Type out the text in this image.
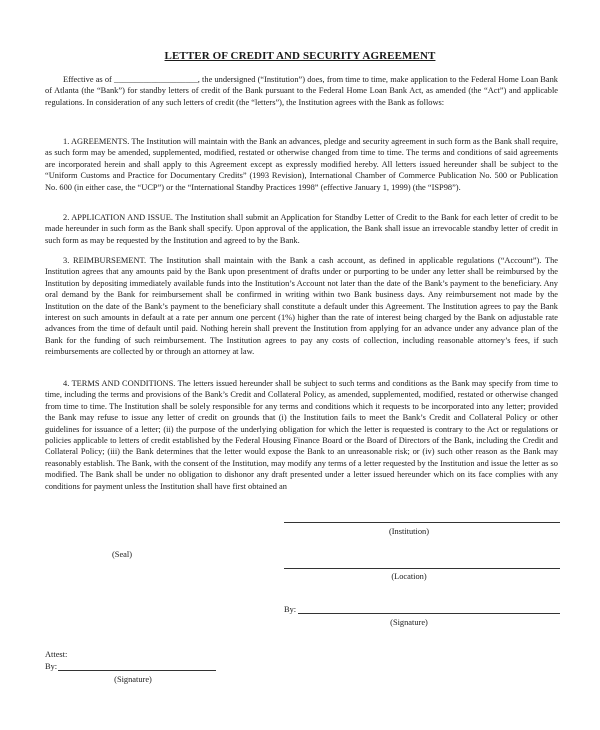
LETTER OF CREDIT AND SECURITY AGREEMENT

Effective as of ____________________, the undersigned (“Institution”) does, from time to time, make application to the Federal Home Loan Bank of Atlanta (the “Bank”) for standby letters of credit of the Bank pursuant to the Federal Home Loan Bank Act, as amended (the “Act”) and applicable regulations. In consideration of any such letters of credit (the “letters”), the Institution agrees with the Bank as follows:

1. AGREEMENTS. The Institution will maintain with the Bank an advances, pledge and security agreement in such form as the Bank shall require, as such form may be amended, supplemented, modified, restated or otherwise changed from time to time. The terms and conditions of said agreements are incorporated herein and shall apply to this Agreement except as expressly modified hereby. All letters issued hereunder shall be subject to the “Uniform Customs and Practice for Documentary Credits” (1993 Revision), International Chamber of Commerce Publication No. 500 or Publication No. 600 (in either case, the “UCP”) or the “International Standby Practices 1998” (effective January 1, 1999) (the “ISP98”).

2. APPLICATION AND ISSUE. The Institution shall submit an Application for Standby Letter of Credit to the Bank for each letter of credit to be made hereunder in such form as the Bank shall specify. Upon approval of the application, the Bank shall issue an irrevocable standby letter of credit in such form as may be requested by the Institution and agreed to by the Bank.

3. REIMBURSEMENT. The Institution shall maintain with the Bank a cash account, as defined in applicable regulations (“Account”). The Institution agrees that any amounts paid by the Bank upon presentment of drafts under or purporting to be under any letter shall be reimbursed by the Institution by depositing immediately available funds into the Institution’s Account not later than the date of the Bank’s payment to the beneficiary. Any oral demand by the Bank for reimbursement shall be confirmed in writing within two Bank business days. Any reimbursement not made by the Institution on the date of the Bank’s payment to the beneficiary shall constitute a default under this Agreement. The Institution agrees to pay the Bank interest on such amounts in default at a rate per annum one percent (1%) higher than the rate of interest being charged by the Bank on adjustable rate advances from the time of default until paid. Nothing herein shall prevent the Institution from applying for an advance under any advance plan of the Bank for the funding of such reimbursement. The Institution agrees to pay any costs of collection, including reasonable attorney’s fees, if such reimbursements are collected by or through an attorney at law.

4. TERMS AND CONDITIONS. The letters issued hereunder shall be subject to such terms and conditions as the Bank may specify from time to time, including the terms and provisions of the Bank’s Credit and Collateral Policy, as amended, supplemented, modified, restated or otherwise changed from time to time. The Institution shall be solely responsible for any terms and conditions which it requests to be incorporated into any letter; provided the Bank may refuse to issue any letter of credit on grounds that (i) the Institution fails to meet the Bank’s Credit and Collateral Policy or other guidelines for issuance of a letter; (ii) the purpose of the underlying obligation for which the letter is requested is contrary to the Act or regulations or policies applicable to letters of credit established by the Federal Housing Finance Board or the Board of Directors of the Bank, including the Credit and Collateral Policy; (iii) the Bank determines that the letter would expose the Bank to an unreasonable risk; or (iv) such other reason as the Bank may reasonably establish. The Bank, with the consent of the Institution, may modify any terms of a letter requested by the Institution and issue the letter as so modified. The Bank shall be under no obligation to dishonor any draft presented under a letter issued hereunder which on its face complies with any conditions for payment unless the Institution shall have first obtained an

(Institution)
(Seal)
(Location)
By:
(Signature)
Attest:
By:
(Signature)
